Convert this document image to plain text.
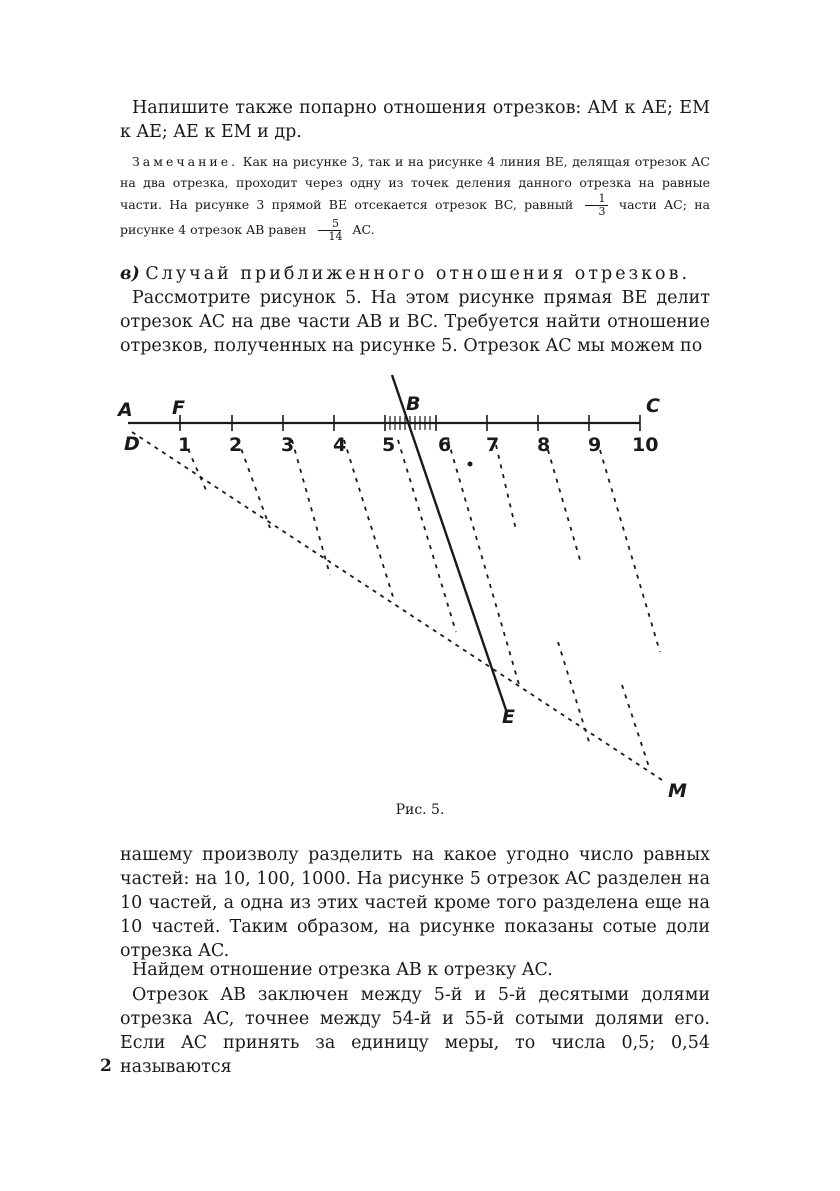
Напишите также попарно отношения отрезков: AM к AE; EM к AE; AE к EM и др.

Замечание. Как на рисунке 3, так и на рисунке 4 линия BE, делящая отрезок AC на два отрезка, проходит через одну из точек деления данного отрезка на равные части. На рисунке 3 прямой BE отсекается отрезок BC, равный $\frac{1}{3}$ части AC; на рисунке 4 отрезок AB равен $\frac{5}{14}$ AC.

в) Случай приближенного отношения отрезков.

Рассмотрите рисунок 5. На этом рисунке прямая BE делит отрезок AC на две части AB и BC. Требуется найти отношение отрезков, полученных на рисунке 5. Отрезок AC мы можем по

A F	B	C
D
E
M
1 2 3 4 5 6 7 8 9 10
Рис. 5.

нашему произволу разделить на какое угодно число равных частей: на 10, 100, 1000. На рисунке 5 отрезок AC разделен на 10 частей, а одна из этих частей кроме того разделена еще на 10 частей. Таким образом, на рисунке показаны сотые доли отрезка AC.

Найдем отношение отрезка AB к отрезку AC.

Отрезок AB заключен между 5-й и 5-й десятыми долями отрезка AC, точнее между 54-й и 55-й сотыми долями его. Если AC принять за единицу меры, то числа 0,5; 0,54 называются

2
